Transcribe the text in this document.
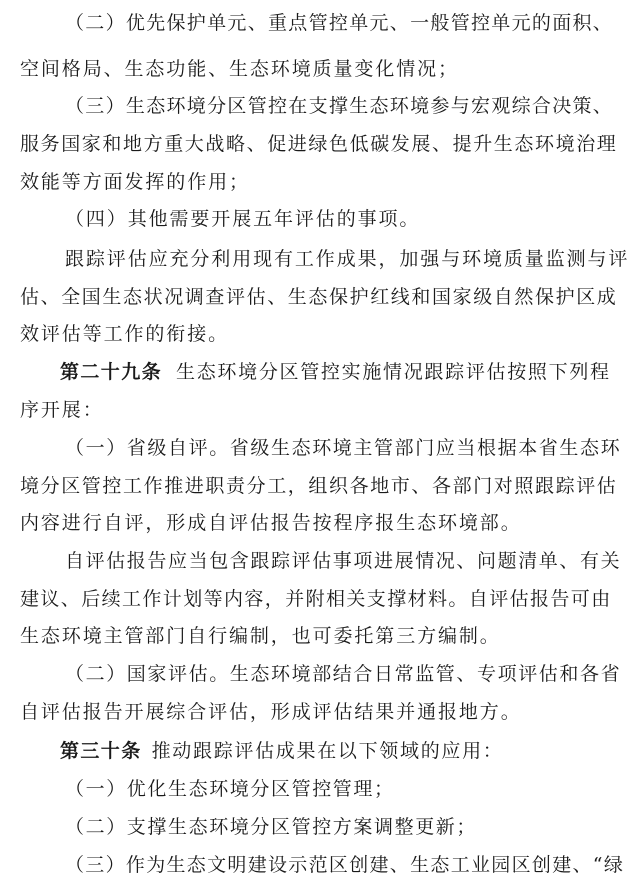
（二）优先保护单元、重点管控单元、一般管控单元的面积、
空间格局、生态功能、生态环境质量变化情况；
（三）生态环境分区管控在支撑生态环境参与宏观综合决策、
服务国家和地方重大战略、促进绿色低碳发展、提升生态环境治理
效能等方面发挥的作用；
（四）其他需要开展五年评估的事项。
跟踪评估应充分利用现有工作成果，加强与环境质量监测与评
估、全国生态状况调查评估、生态保护红线和国家级自然保护区成
效评估等工作的衔接。
第二十九条 生态环境分区管控实施情况跟踪评估按照下列程
序开展：
（一）省级自评。省级生态环境主管部门应当根据本省生态环
境分区管控工作推进职责分工，组织各地市、各部门对照跟踪评估
内容进行自评，形成自评估报告按程序报生态环境部。
自评估报告应当包含跟踪评估事项进展情况、问题清单、有关
建议、后续工作计划等内容，并附相关支撑材料。自评估报告可由
生态环境主管部门自行编制，也可委托第三方编制。
（二）国家评估。生态环境部结合日常监管、专项评估和各省
自评估报告开展综合评估，形成评估结果并通报地方。
第三十条 推动跟踪评估成果在以下领域的应用：
（一）优化生态环境分区管控管理；
（二）支撑生态环境分区管控方案调整更新；
（三）作为生态文明建设示范区创建、生态工业园区创建、“绿
